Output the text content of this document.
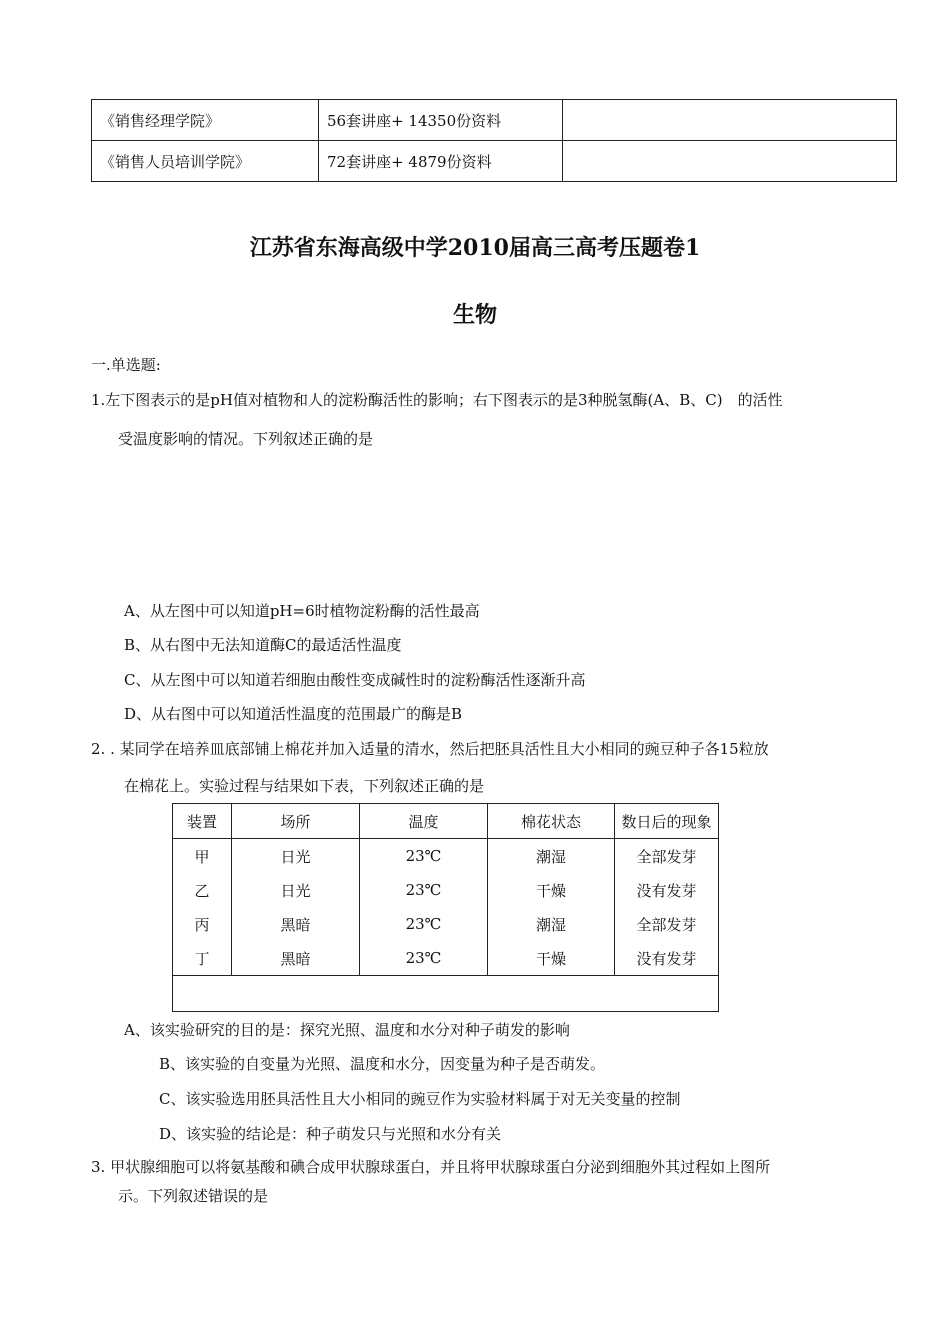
《销售经理学院》	56套讲座+ 14350份资料	
《销售人员培训学院》	72套讲座+ 4879份资料	
江苏省东海高级中学2010届高三高考压题卷1
生物
一.单选题:
1.左下图表示的是pH值对植物和人的淀粉酶活性的影响；右下图表示的是3种脱氢酶(A、B、C)　的活性
受温度影响的情况。下列叙述正确的是
A、从左图中可以知道pH=6时植物淀粉酶的活性最高
B、从右图中无法知道酶C的最适活性温度
C、从左图中可以知道若细胞由酸性变成碱性时的淀粉酶活性逐渐升高
D、从右图中可以知道活性温度的范围最广的酶是B
2. . 某同学在培养皿底部铺上棉花并加入适量的清水，然后把胚具活性且大小相同的豌豆种子各15粒放
在棉花上。实验过程与结果如下表，下列叙述正确的是
装置	场所	温度	棉花状态	数日后的现象
甲	日光	23℃	潮湿	全部发芽
乙	日光	23℃	干燥	没有发芽
丙	黑暗	23℃	潮湿	全部发芽
丁	黑暗	23℃	干燥	没有发芽

A、该实验研究的目的是：探究光照、温度和水分对种子萌发的影响
B、该实验的自变量为光照、温度和水分，因变量为种子是否萌发。
C、该实验选用胚具活性且大小相同的豌豆作为实验材料属于对无关变量的控制
D、该实验的结论是：种子萌发只与光照和水分有关
3. 甲状腺细胞可以将氨基酸和碘合成甲状腺球蛋白，并且将甲状腺球蛋白分泌到细胞外其过程如上图所
示。下列叙述错误的是
